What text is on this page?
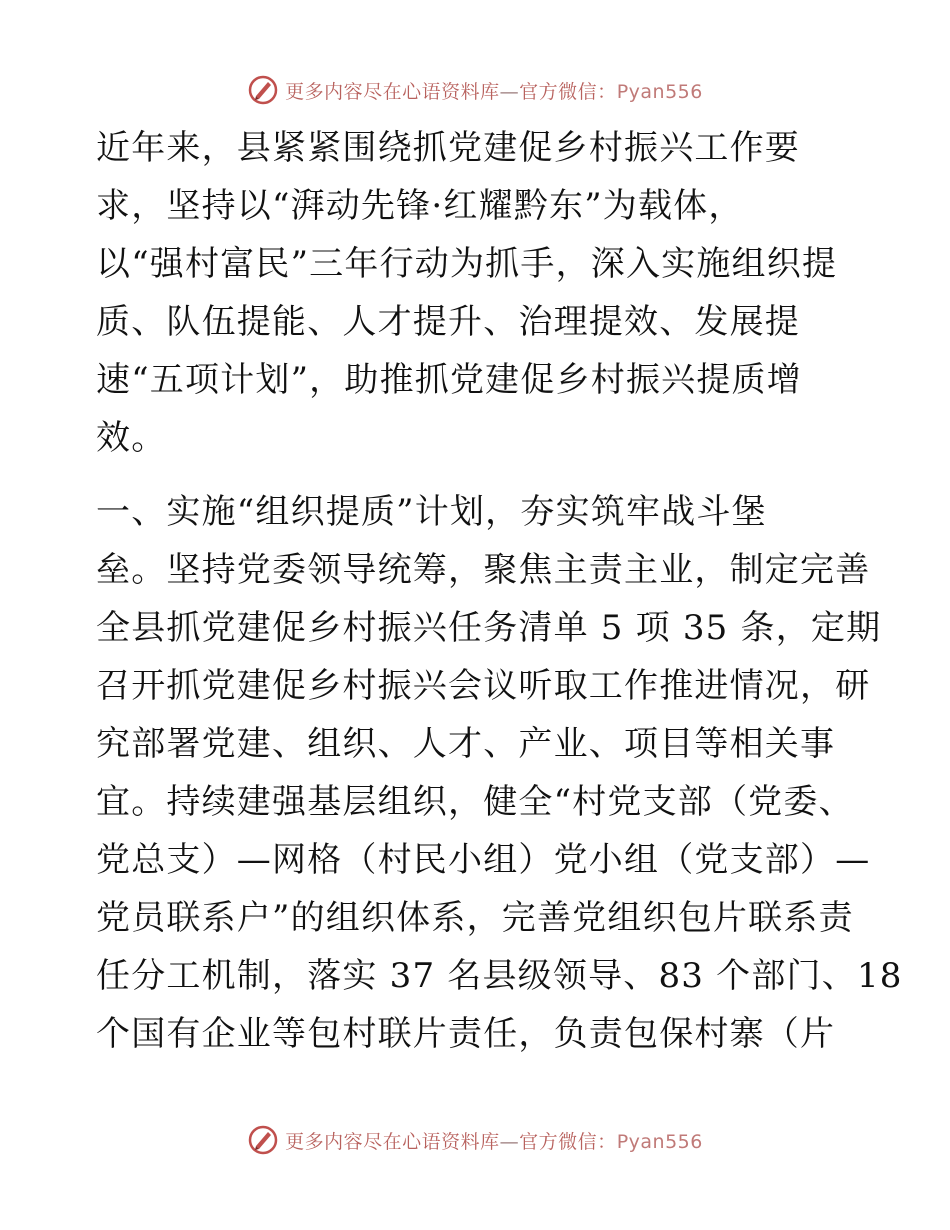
更多内容尽在心语资料库—官方微信：Pyan556
近年来，县紧紧围绕抓党建促乡村振兴工作要
求，坚持以“湃动先锋·红耀黔东”为载体，
以“强村富民”三年行动为抓手，深入实施组织提
质、队伍提能、人才提升、治理提效、发展提
速“五项计划”，助推抓党建促乡村振兴提质增
效。
一、实施“组织提质”计划，夯实筑牢战斗堡
垒。坚持党委领导统筹，聚焦主责主业，制定完善
全县抓党建促乡村振兴任务清单 5 项 35 条，定期
召开抓党建促乡村振兴会议听取工作推进情况，研
究部署党建、组织、人才、产业、项目等相关事
宜。持续建强基层组织，健全“村党支部（党委、
党总支）—网格（村民小组）党小组（党支部）—
党员联系户”的组织体系，完善党组织包片联系责
任分工机制，落实 37 名县级领导、83 个部门、18
个国有企业等包村联片责任，负责包保村寨（片
更多内容尽在心语资料库—官方微信：Pyan556
